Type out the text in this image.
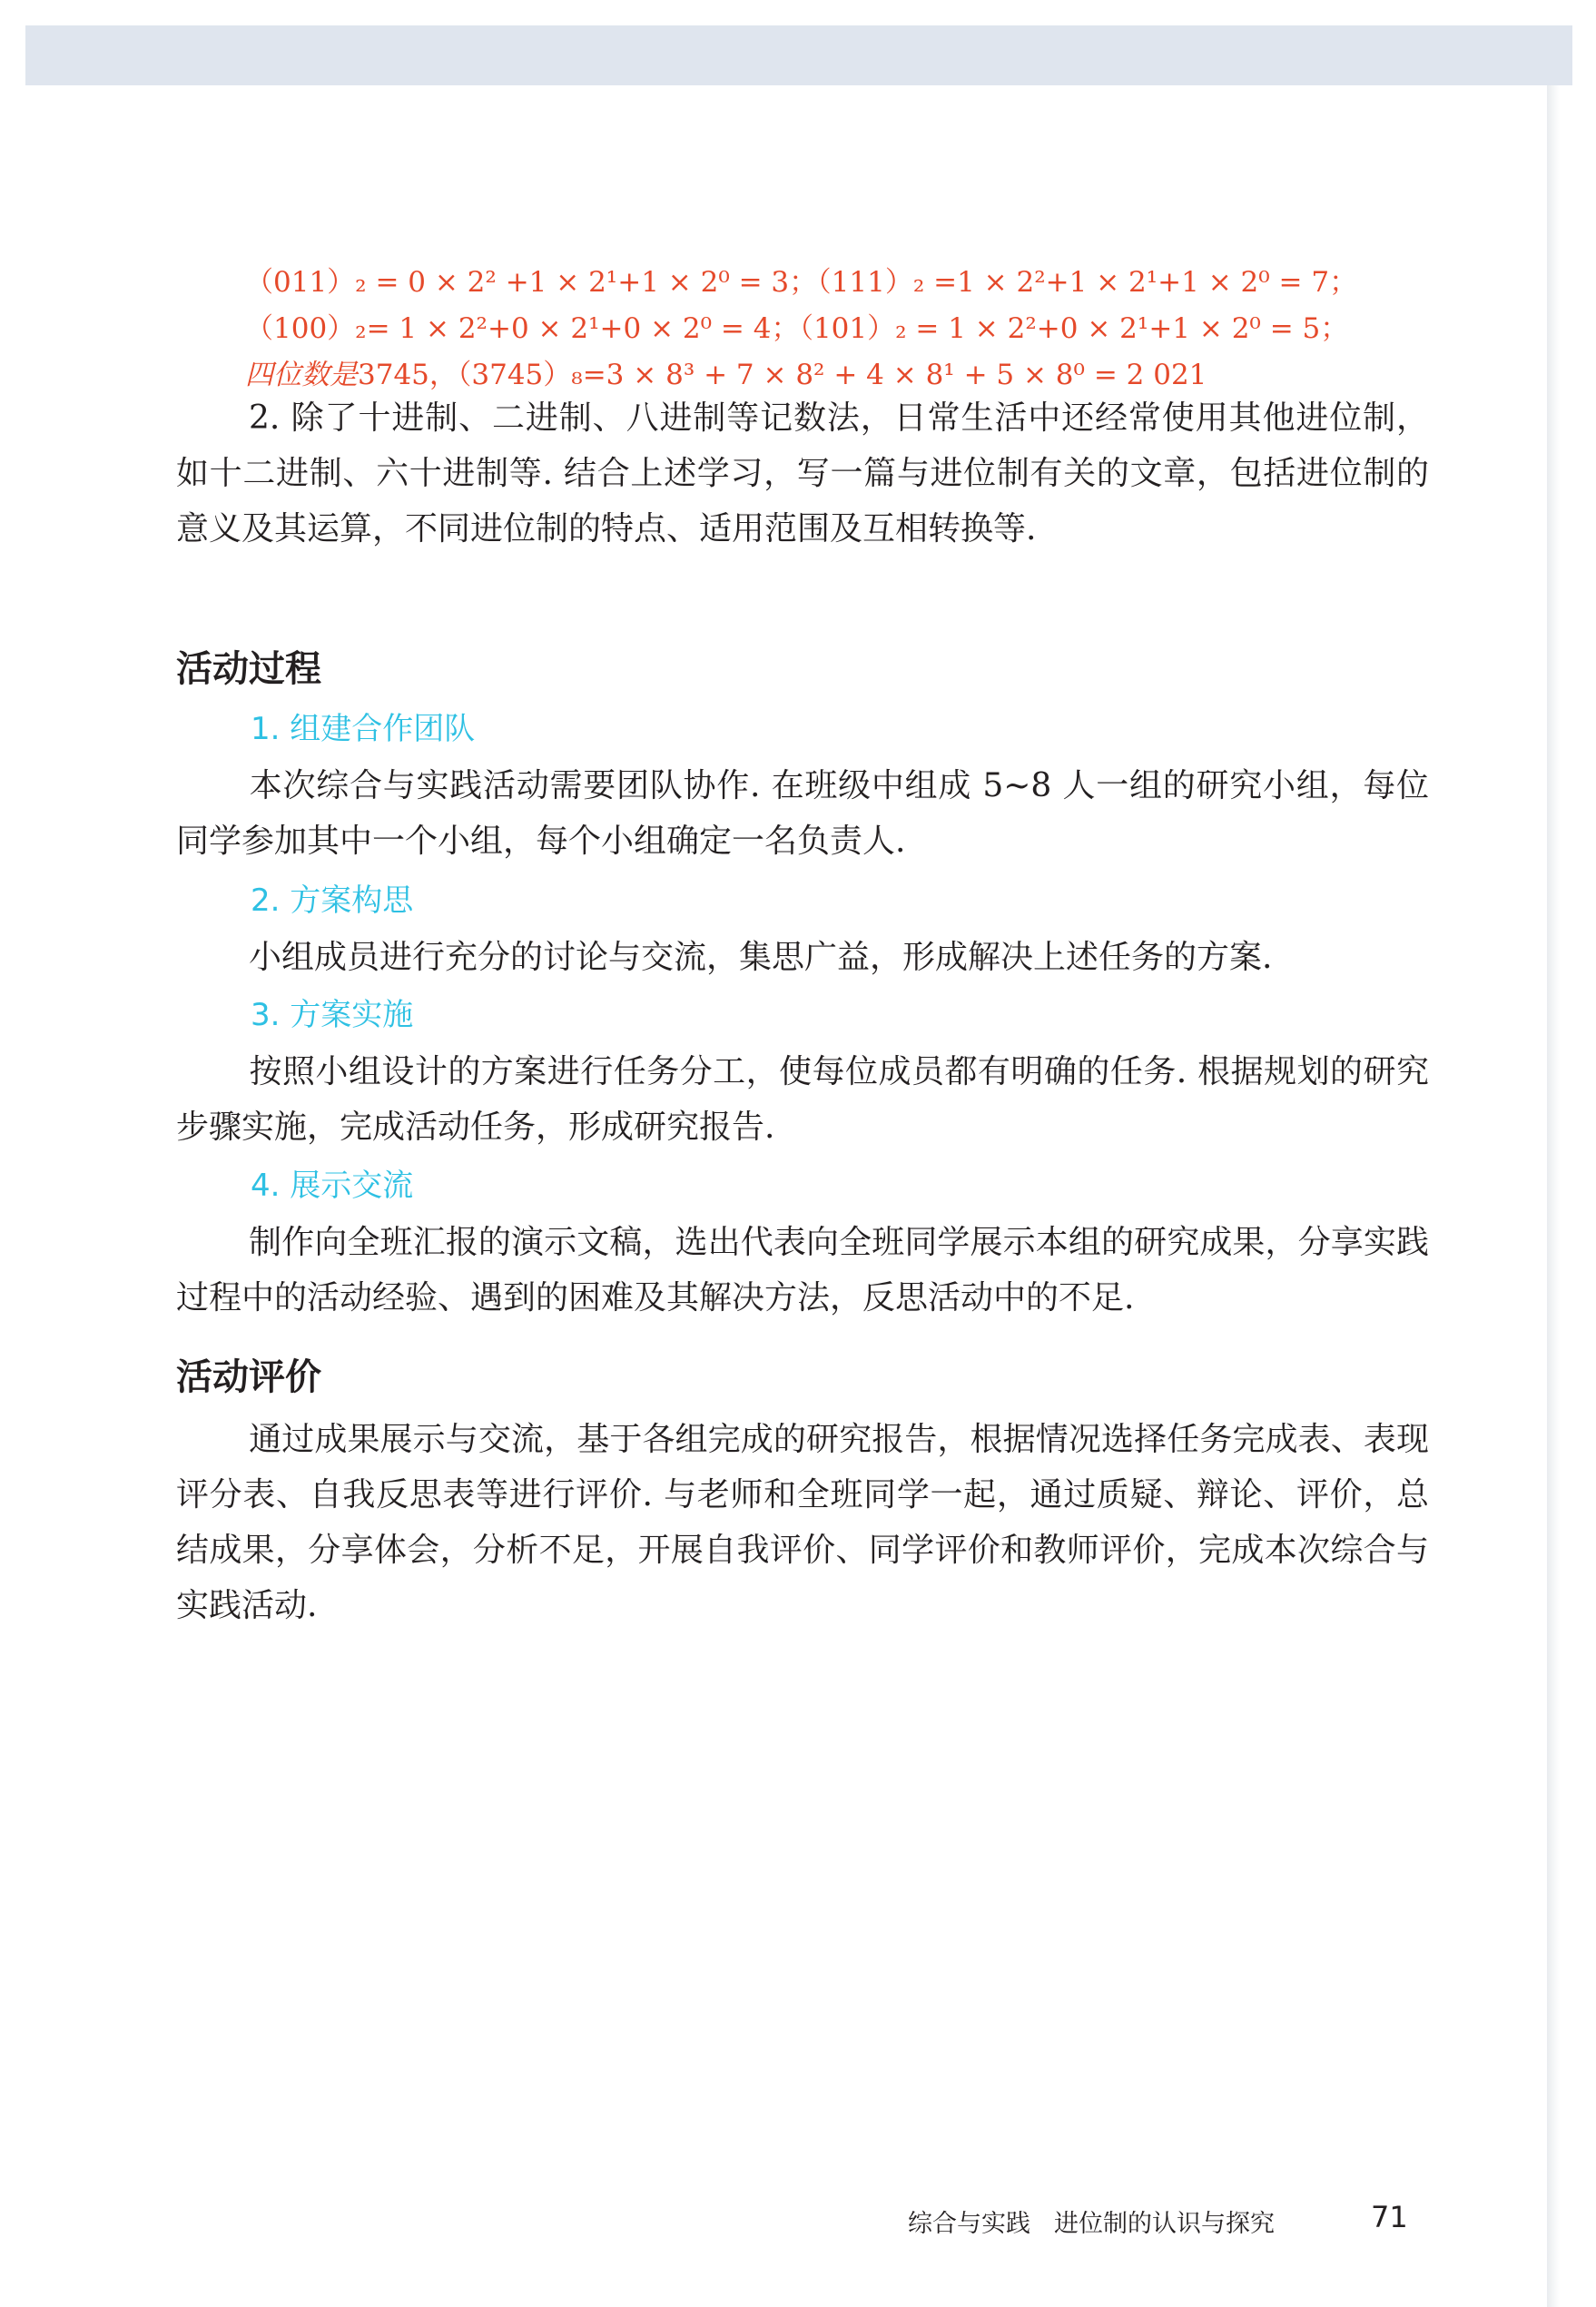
（011）₂ = 0 × 2² +1 × 2¹+1 × 2⁰ = 3；（111）₂ =1 × 2²+1 × 2¹+1 × 2⁰ = 7；
（100）₂= 1 × 2²+0 × 2¹+0 × 2⁰ = 4；（101）₂ = 1 × 2²+0 × 2¹+1 × 2⁰ = 5；
四位数是3745，（3745）₈=3 × 8³ + 7 × 8² + 4 × 8¹ + 5 × 8⁰ = 2 021
2. 除了十进制、二进制、八进制等记数法，日常生活中还经常使用其他进位制，如十二进制、六十进制等. 结合上述学习，写一篇与进位制有关的文章，包括进位制的意义及其运算，不同进位制的特点、适用范围及互相转换等.
活动过程
1. 组建合作团队
本次综合与实践活动需要团队协作. 在班级中组成 5~8 人一组的研究小组，每位同学参加其中一个小组，每个小组确定一名负责人.
2. 方案构思
小组成员进行充分的讨论与交流，集思广益，形成解决上述任务的方案.
3. 方案实施
按照小组设计的方案进行任务分工，使每位成员都有明确的任务. 根据规划的研究步骤实施，完成活动任务，形成研究报告.
4. 展示交流
制作向全班汇报的演示文稿，选出代表向全班同学展示本组的研究成果，分享实践过程中的活动经验、遇到的困难及其解决方法，反思活动中的不足.
活动评价
通过成果展示与交流，基于各组完成的研究报告，根据情况选择任务完成表、表现评分表、自我反思表等进行评价. 与老师和全班同学一起，通过质疑、辩论、评价，总结成果，分享体会，分析不足，开展自我评价、同学评价和教师评价，完成本次综合与实践活动.
综合与实践 进位制的认识与探究	71
